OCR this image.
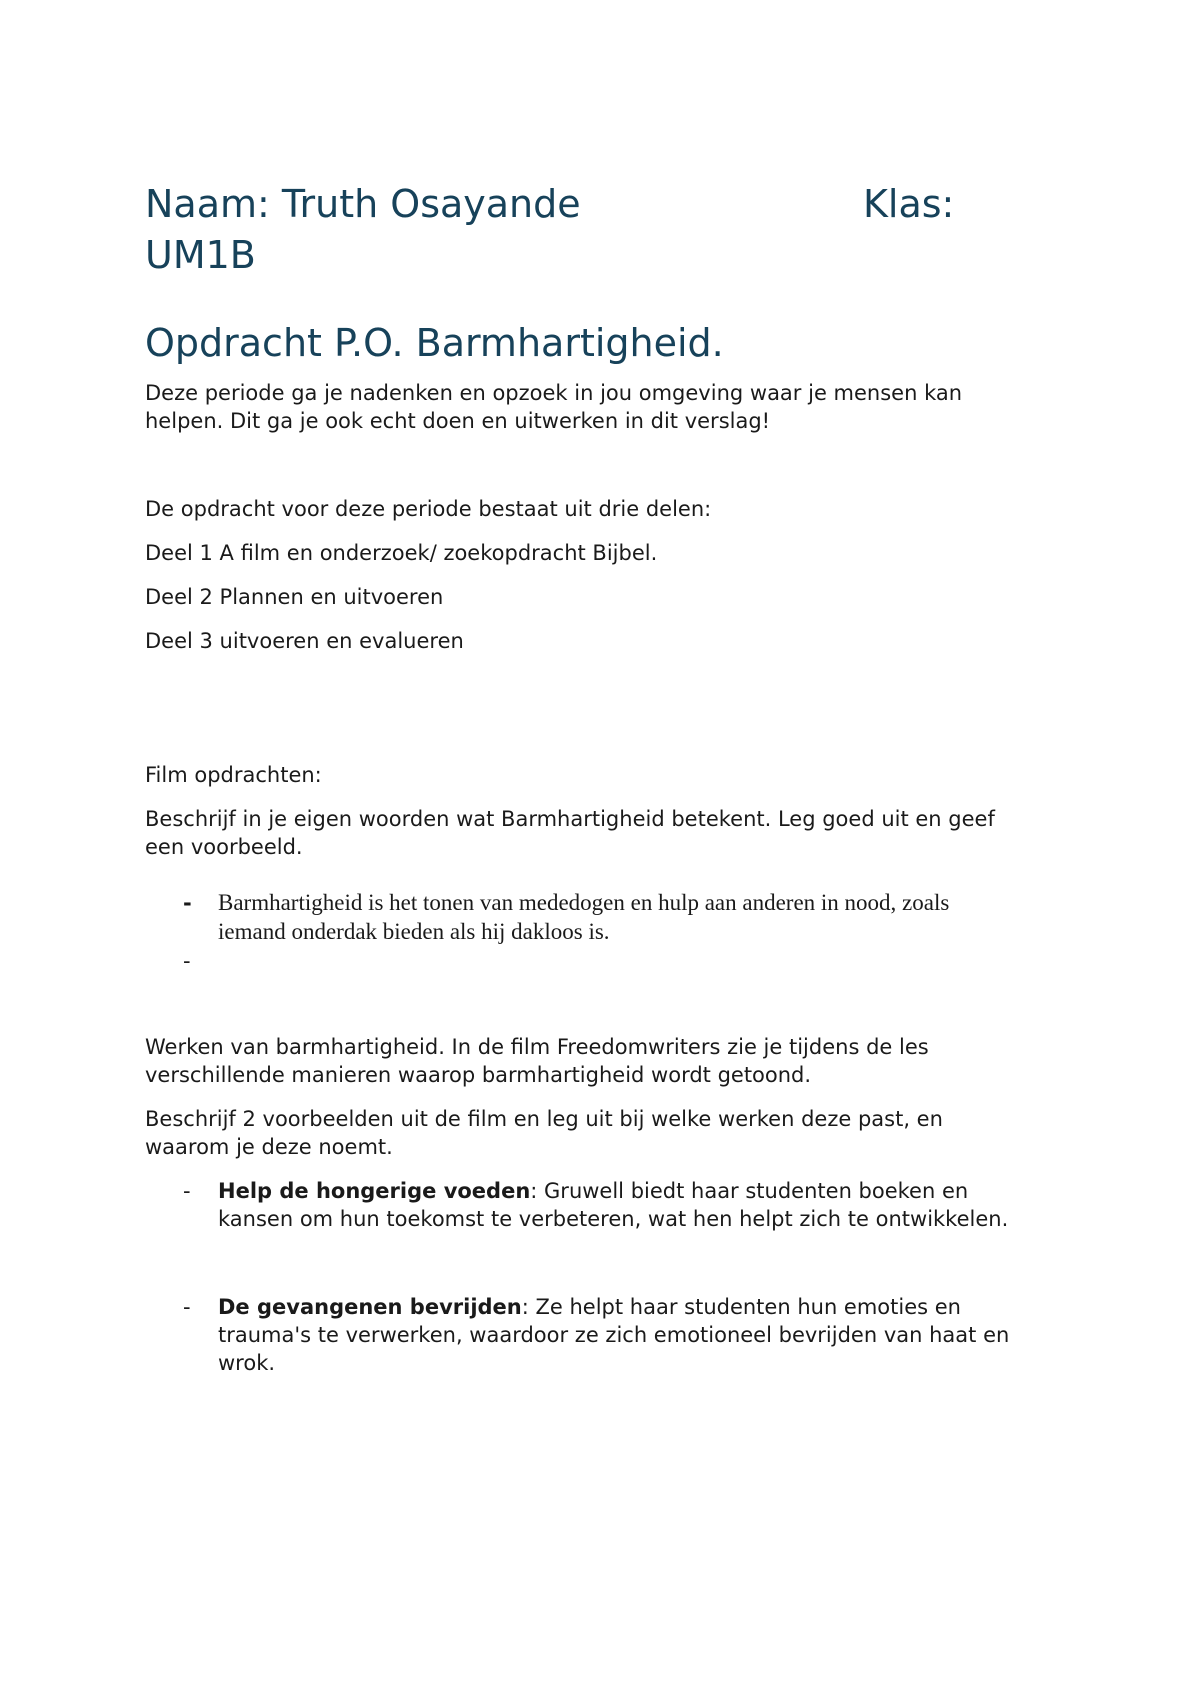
Naam: Truth Osayande	Klas:
UM1B
Opdracht P.O. Barmhartigheid.

Deze periode ga je nadenken en opzoek in jou omgeving waar je mensen kan

helpen. Dit ga je ook echt doen en uitwerken in dit verslag!

De opdracht voor deze periode bestaat uit drie delen:

Deel 1 A film en onderzoek/ zoekopdracht Bijbel.

Deel 2 Plannen en uitvoeren

Deel 3 uitvoeren en evalueren

Film opdrachten:

Beschrijf in je eigen woorden wat Barmhartigheid betekent. Leg goed uit en geef

een voorbeeld.

- Barmhartigheid is het tonen van mededogen en hulp aan anderen in nood, zoals

iemand onderdak bieden als hij dakloos is.

-

Werken van barmhartigheid. In de film Freedomwriters zie je tijdens de les

verschillende manieren waarop barmhartigheid wordt getoond.

Beschrijf 2 voorbeelden uit de film en leg uit bij welke werken deze past, en

waarom je deze noemt.

- Help de hongerige voeden: Gruwell biedt haar studenten boeken en

kansen om hun toekomst te verbeteren, wat hen helpt zich te ontwikkelen.

- De gevangenen bevrijden: Ze helpt haar studenten hun emoties en

trauma's te verwerken, waardoor ze zich emotioneel bevrijden van haat en

wrok.
